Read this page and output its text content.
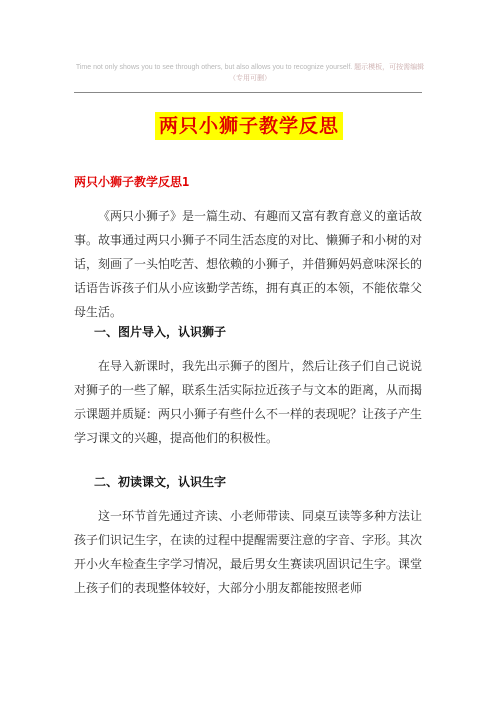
Time not only shows you to see through others, but also allows you to recognize yourself. 题示模板，可按需编辑（专用可删）
两只小狮子教学反思
两只小狮子教学反思1

《两只小狮子》是一篇生动、有趣而又富有教育意义的童话故事。故事通过两只小狮子不同生活态度的对比、懒狮子和小树的对话，刻画了一头怕吃苦、想依赖的小狮子，并借狮妈妈意味深长的话语告诉孩子们从小应该勤学苦练，拥有真正的本领，不能依靠父母生活。

一、图片导入，认识狮子

在导入新课时，我先出示狮子的图片，然后让孩子们自己说说对狮子的一些了解，联系生活实际拉近孩子与文本的距离，从而揭示课题并质疑：两只小狮子有些什么不一样的表现呢？让孩子产生学习课文的兴趣，提高他们的积极性。

二、初读课文，认识生字

这一环节首先通过齐读、小老师带读、同桌互读等多种方法让孩子们识记生字，在读的过程中提醒需要注意的字音、字形。其次开小火车检查生字学习情况，最后男女生赛读巩固识记生字。课堂上孩子们的表现整体较好，大部分小朋友都能按照老师
